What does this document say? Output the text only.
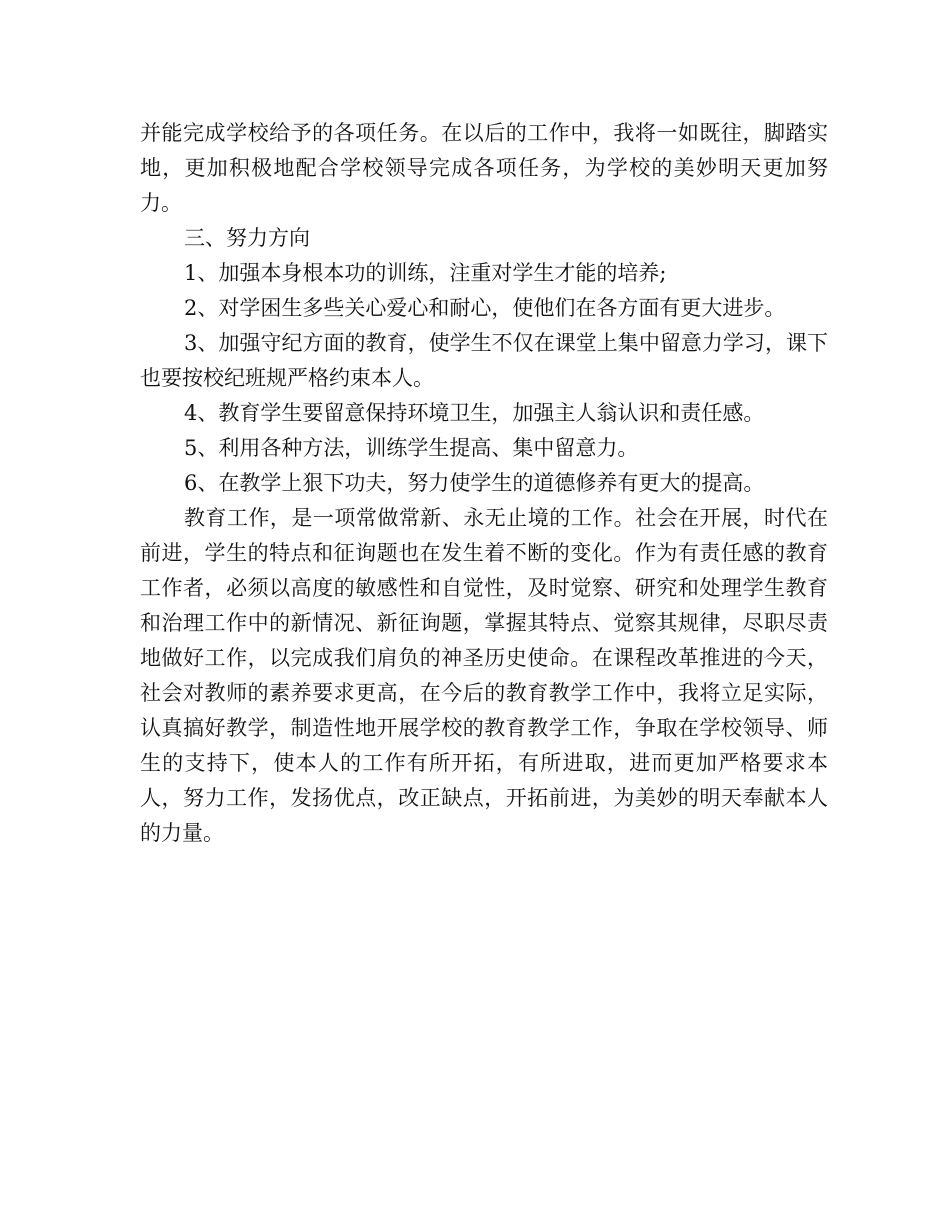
并能完成学校给予的各项任务。在以后的工作中，我将一如既往，脚踏实地，更加积极地配合学校领导完成各项任务，为学校的美妙明天更加努力。

三、努力方向

1、加强本身根本功的训练，注重对学生才能的培养;

2、对学困生多些关心爱心和耐心，使他们在各方面有更大进步。

3、加强守纪方面的教育，使学生不仅在课堂上集中留意力学习，课下也要按校纪班规严格约束本人。

4、教育学生要留意保持环境卫生，加强主人翁认识和责任感。

5、利用各种方法，训练学生提高、集中留意力。

6、在教学上狠下功夫，努力使学生的道德修养有更大的提高。

教育工作，是一项常做常新、永无止境的工作。社会在开展，时代在前进，学生的特点和征询题也在发生着不断的变化。作为有责任感的教育工作者，必须以高度的敏感性和自觉性，及时觉察、研究和处理学生教育和治理工作中的新情况、新征询题，掌握其特点、觉察其规律，尽职尽责地做好工作，以完成我们肩负的神圣历史使命。在课程改革推进的今天，社会对教师的素养要求更高，在今后的教育教学工作中，我将立足实际，认真搞好教学，制造性地开展学校的教育教学工作，争取在学校领导、师生的支持下，使本人的工作有所开拓，有所进取，进而更加严格要求本人，努力工作，发扬优点，改正缺点，开拓前进，为美妙的明天奉献本人的力量。
